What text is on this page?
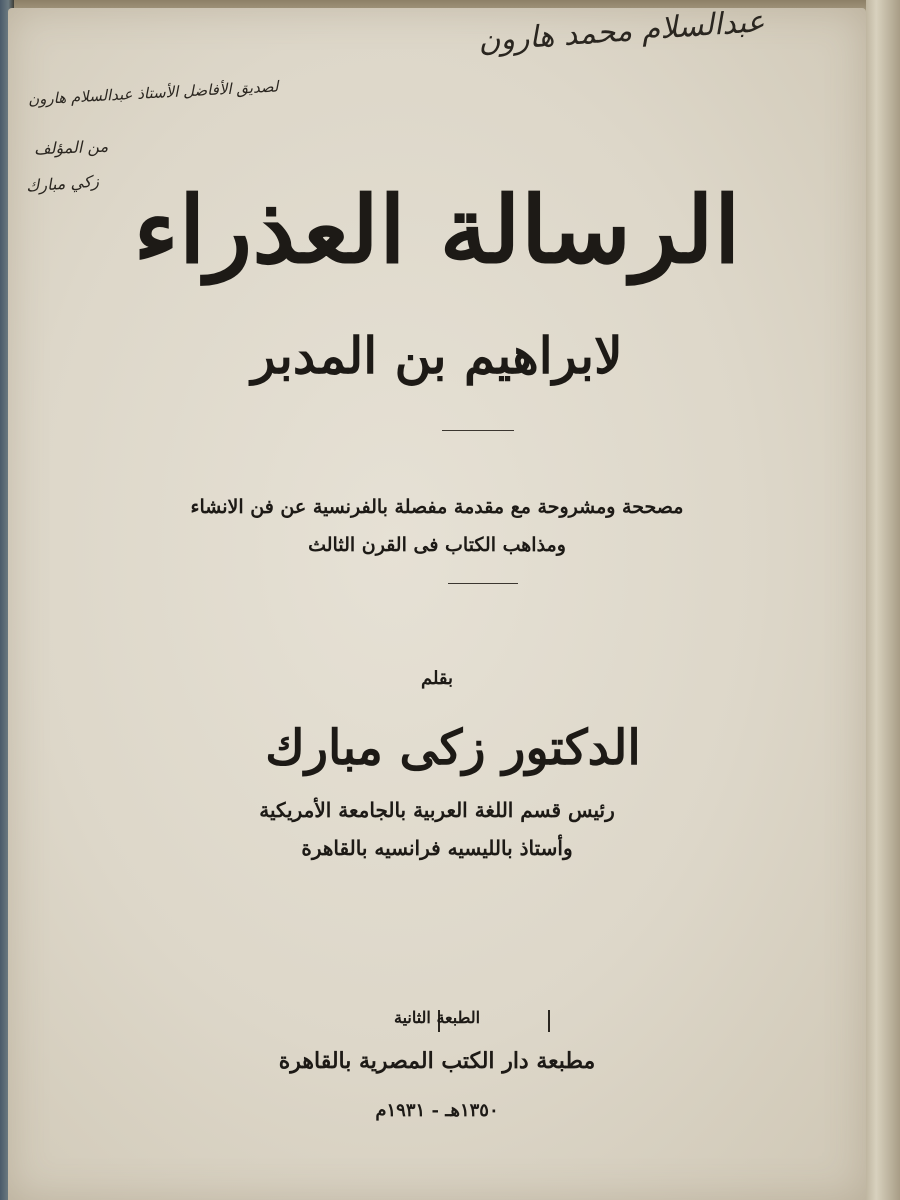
عبدالسلام محمد هارون
لصديق الأفاضل الأستاذ عبدالسلام هارون
من المؤلف
زكي مبارك الرسالة العذراء
لابراهيم بن المدبر
مصححة ومشروحة مع مقدمة مفصلة بالفرنسية عن فن الانشاء
ومذاهب الكتاب فى القرن الثالث
بقلم
الدكتور زكى مبارك
رئيس قسم اللغة العربية بالجامعة الأمريكية
وأستاذ بالليسيه فرانسيه بالقاهرة
الطبعة الثانية
مطبعة دار الكتب المصرية بالقاهرة
١٣٥٠هـ - ١٩٣١م
